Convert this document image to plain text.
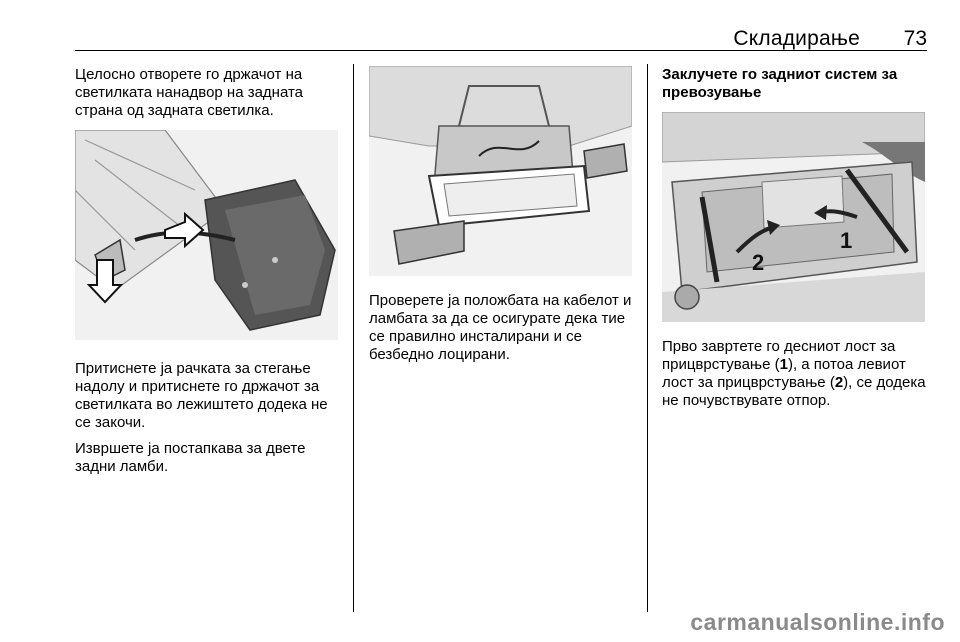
Складирање	73

Целосно отворете го држачот на светилката нанадвор на задната страна од задната светилка.

Притиснете ја рачката за стегање надолу и притиснете го држачот за светилката во лежиштето додека не се закочи.

Извршете ја постапкава за двете задни ламби.

Проверете ја положбата на кабелот и ламбата за да се осигурате дека тие се правилно инсталирани и се безбедно лоцирани.

Заклучете го задниот систем за превозување
1
2

Прво завртете го десниот лост за прицврстување (1), а потоа левиот лост за прицврстување (2), се додека не почувствувате отпор.

carmanualsonline.info
